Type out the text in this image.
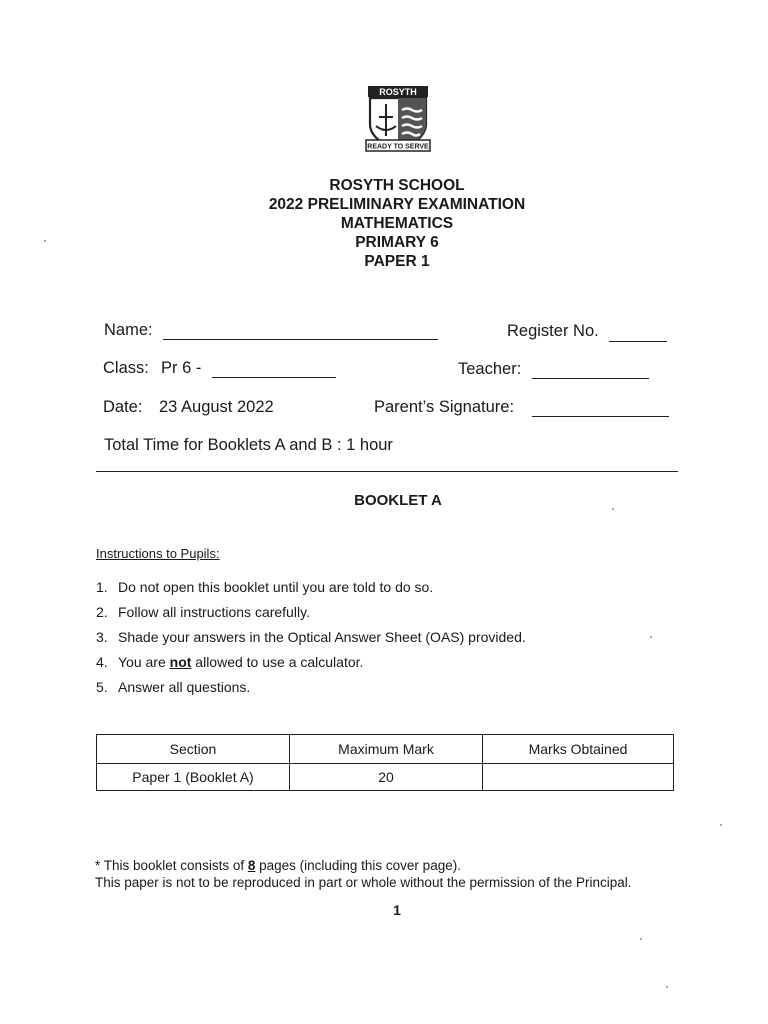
ROSYTH
READY TO SERVE
ROSYTH SCHOOL
2022 PRELIMINARY EXAMINATION
MATHEMATICS
PRIMARY 6
PAPER 1
Name:	Register No.
Class: Pr 6 -	Teacher:
Date: 23 August 2022	Parent’s Signature:
Total Time for Booklets A and B : 1 hour
BOOKLET A
Instructions to Pupils:
1. Do not open this booklet until you are told to do so.
2. Follow all instructions carefully.
3. Shade your answers in the Optical Answer Sheet (OAS) provided.
4. You are not allowed to use a calculator.
5. Answer all questions.
Section	Maximum Mark	Marks Obtained
Paper 1 (Booklet A)	20	
* This booklet consists of 8 pages (including this cover page).
This paper is not to be reproduced in part or whole without the permission of the Principal.
1
